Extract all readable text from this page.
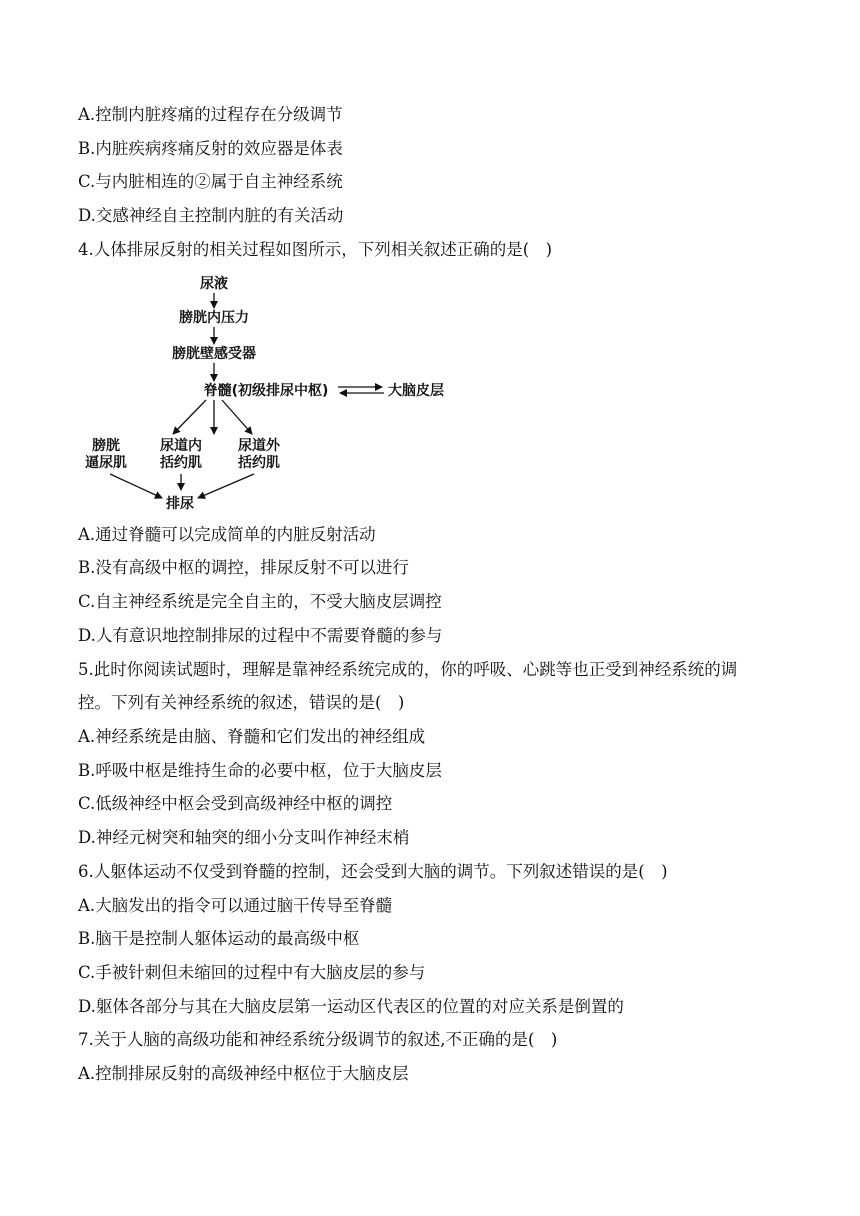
A.控制内脏疼痛的过程存在分级调节
B.内脏疾病疼痛反射的效应器是体表
C.与内脏相连的②属于自主神经系统
D.交感神经自主控制内脏的有关活动
4.人体排尿反射的相关过程如图所示，下列相关叙述正确的是(　)
尿液
膀胱内压力
膀胱壁感受器
脊髓(初级排尿中枢)	大脑皮层
膀胱
逼尿肌
尿道内
括约肌
尿道外
括约肌
排尿
A.通过脊髓可以完成简单的内脏反射活动
B.没有高级中枢的调控，排尿反射不可以进行
C.自主神经系统是完全自主的，不受大脑皮层调控
D.人有意识地控制排尿的过程中不需要脊髓的参与
5.此时你阅读试题时，理解是靠神经系统完成的，你的呼吸、心跳等也正受到神经系统的调
控。下列有关神经系统的叙述，错误的是(　)
A.神经系统是由脑、脊髓和它们发出的神经组成
B.呼吸中枢是维持生命的必要中枢，位于大脑皮层
C.低级神经中枢会受到高级神经中枢的调控
D.神经元树突和轴突的细小分支叫作神经末梢
6.人躯体运动不仅受到脊髓的控制，还会受到大脑的调节。下列叙述错误的是(　)
A.大脑发出的指令可以通过脑干传导至脊髓
B.脑干是控制人躯体运动的最高级中枢
C.手被针刺但未缩回的过程中有大脑皮层的参与
D.躯体各部分与其在大脑皮层第一运动区代表区的位置的对应关系是倒置的
7.关于人脑的高级功能和神经系统分级调节的叙述,不正确的是(　)
A.控制排尿反射的高级神经中枢位于大脑皮层
